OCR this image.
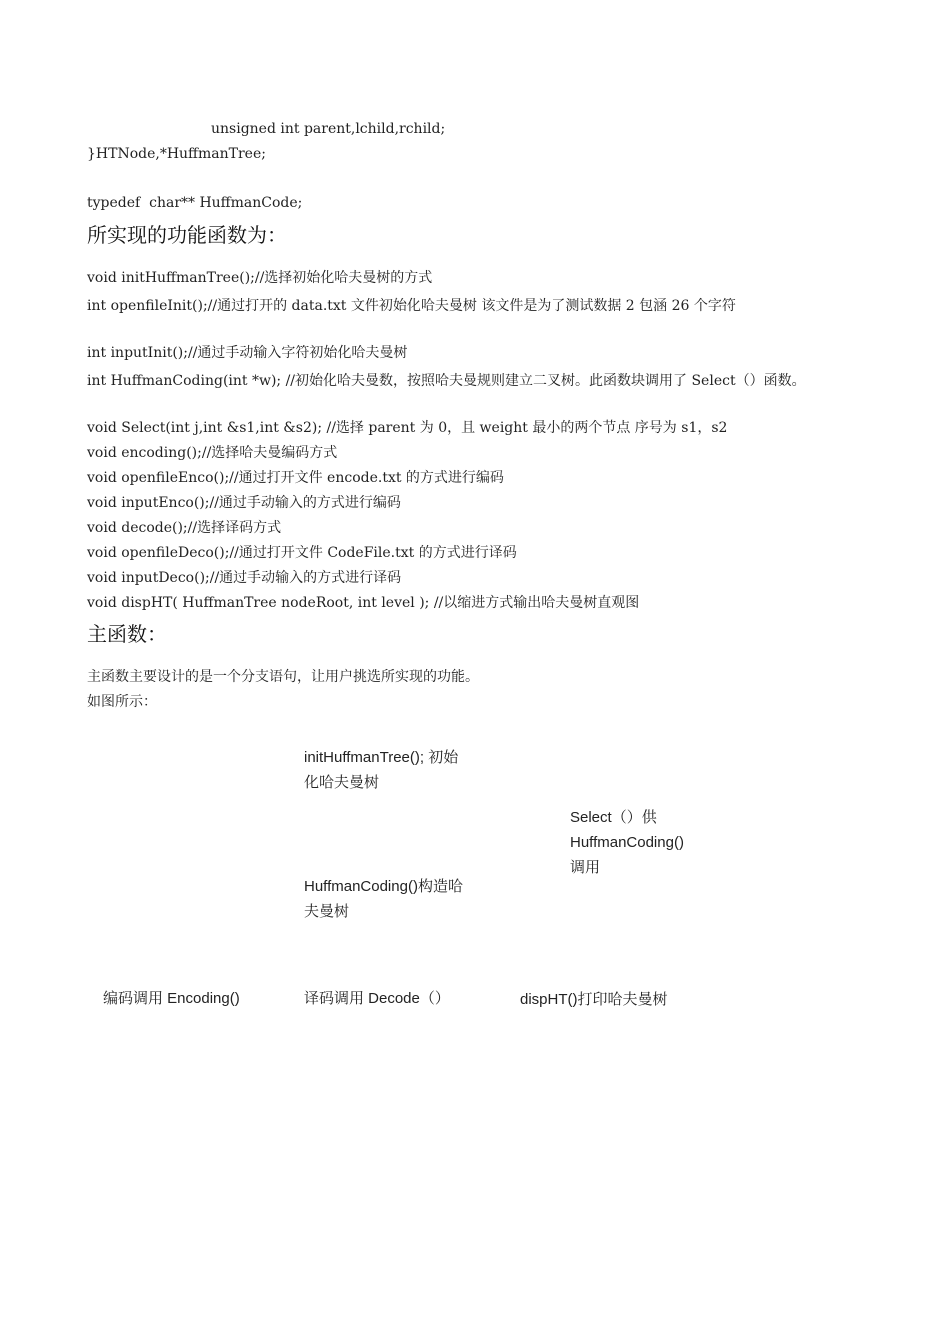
unsigned int parent,lchild,rchild;
}HTNode,*HuffmanTree;
typedef  char** HuffmanCode;
所实现的功能函数为：
void initHuffmanTree();//选择初始化哈夫曼树的方式
int openfileInit();//通过打开的 data.txt 文件初始化哈夫曼树 该文件是为了测试数据 2 包涵 26 个字符
int inputInit();//通过手动输入字符初始化哈夫曼树
int HuffmanCoding(int *w); //初始化哈夫曼数，按照哈夫曼规则建立二叉树。此函数块调用了 Select（）函数。
void Select(int j,int &s1,int &s2); //选择 parent 为 0，且 weight 最小的两个节点 序号为 s1，s2
void encoding();//选择哈夫曼编码方式
void openfileEnco();//通过打开文件 encode.txt 的方式进行编码
void inputEnco();//通过手动输入的方式进行编码
void decode();//选择译码方式
void openfileDeco();//通过打开文件 CodeFile.txt 的方式进行译码
void inputDeco();//通过手动输入的方式进行译码
void dispHT( HuffmanTree nodeRoot, int level ); //以缩进方式输出哈夫曼树直观图
主函数：
主函数主要设计的是一个分支语句，让用户挑选所实现的功能。
如图所示：
initHuffmanTree(); 初始化哈夫曼树
Select（）供HuffmanCoding()调用
HuffmanCoding()构造哈夫曼树
编码调用 Encoding()	译码调用 Decode（）	dispHT()打印哈夫曼树
